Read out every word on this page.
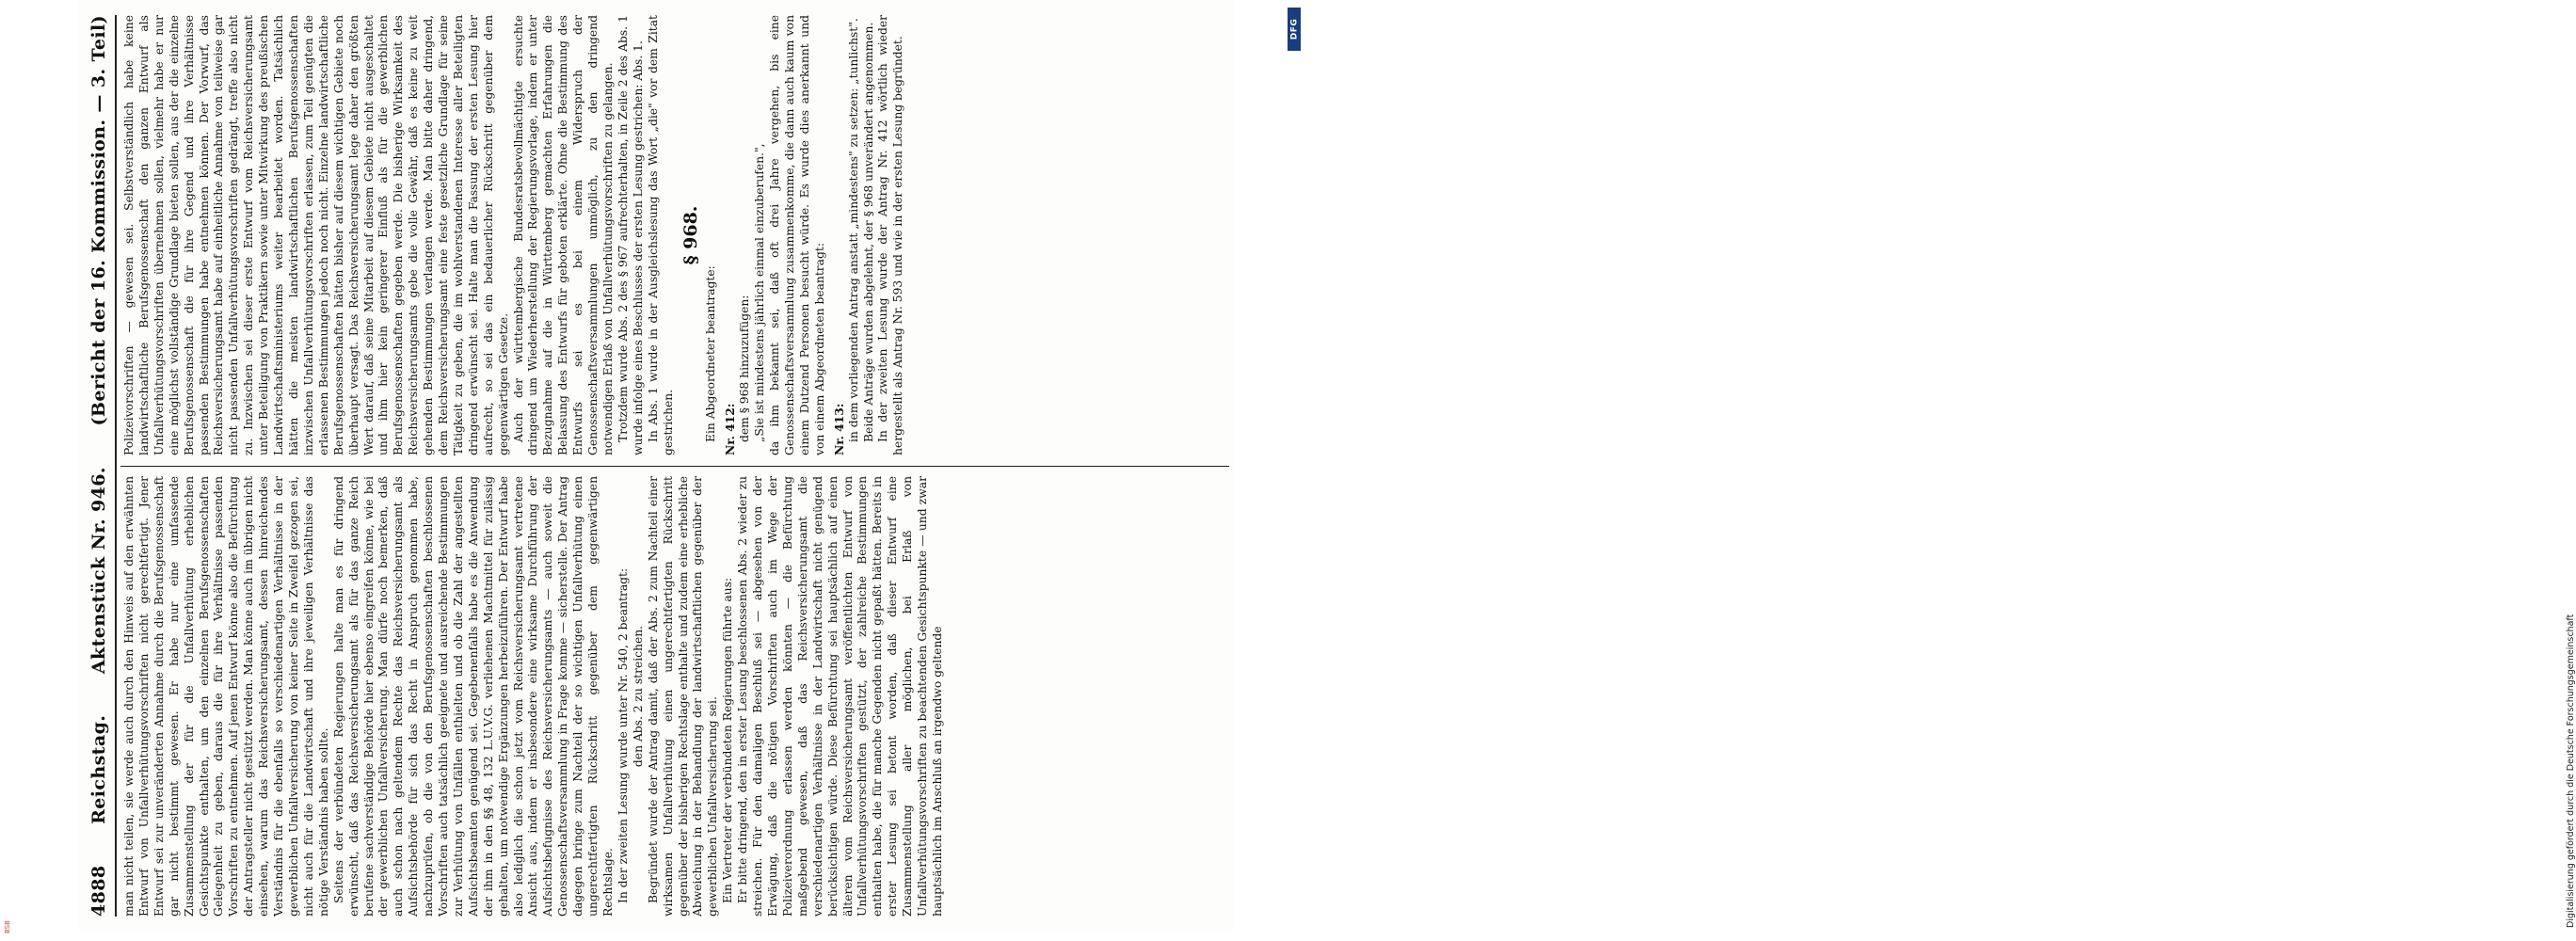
4888
Reichstag.
Aktenstück Nr. 946.
(Bericht der 16. Kommission. — 3. Teil)

man nicht teilen, sie werde auch durch den Hinweis auf den erwähnten Entwurf von Unfallverhütungsvorschriften nicht gerechtfertigt. Jener Entwurf sei zur unveränderten Annahme durch die Berufsgenossenschaft gar nicht bestimmt gewesen. Er habe nur eine umfassende Zusammenstellung der für die Unfallverhütung erheblichen Gesichtspunkte enthalten, um den einzelnen Berufsgenossenschaften Gelegenheit zu geben, daraus die für ihre Verhältnisse passenden Vorschriften zu entnehmen. Auf jenen Entwurf könne also die Befürchtung der Antragsteller nicht gestützt werden. Man könne auch im übrigen nicht einsehen, warum das Reichsversicherungsamt, dessen hinreichendes Verständnis für die ebenfalls so verschiedenartigen Verhältnisse in der gewerblichen Unfallversicherung von keiner Seite in Zweifel gezogen sei, nicht auch für die Landwirtschaft und ihre jeweiligen Verhältnisse das nötige Verständnis haben sollte. Seitens der verbündeten Regierungen halte man es für dringend erwünscht, daß das Reichsversicherungsamt als für das ganze Reich berufene sachverständige Behörde hier ebenso eingreifen könne, wie bei der gewerblichen Unfallversicherung. Man dürfe noch bemerken, daß auch schon nach geltendem Rechte das Reichsversicherungsamt als Aufsichtsbehörde für sich das Recht in Anspruch genommen habe, nachzuprüfen, ob die von den Berufsgenossenschaften beschlossenen Vorschriften auch tatsächlich geeignete und ausreichende Bestimmungen zur Verhütung von Unfällen enthielten und ob die Zahl der angestellten Aufsichtsbeamten genügend sei. Gegebenenfalls habe es die Anwendung der ihm in den §§ 48, 132 L.U.V.G. verliehenen Machtmittel für zulässig gehalten, um notwendige Ergänzungen herbeizuführen. Der Entwurf habe also lediglich die schon jetzt vom Reichsversicherungsamt vertretene Ansicht aus, indem er insbesondere eine wirksame Durchführung der Aufsichtsbefugnisse des Reichsversicherungsamts — auch soweit die Genossenschaftsversammlung in Frage komme — sicherstelle. Der Antrag dagegen bringe zum Nachteil der so wichtigen Unfallverhütung einen ungerechtfertigten Rückschritt gegenüber dem gegenwärtigen Rechtslage. In der zweiten Lesung wurde unter Nr. 540, 2 beantragt: den Abs. 2 zu streichen. Begründet wurde der Antrag damit, daß der Abs. 2 zum Nachteil einer wirksamen Unfallverhütung einen ungerechtfertigten Rückschritt gegenüber der bisherigen Rechtslage enthalte und zudem eine erhebliche Abweichung in der Behandlung der landwirtschaftlichen gegenüber der gewerblichen Unfallversicherung sei. Ein Vertreter der verbündeten Regierungen führte aus: Er bitte dringend, den in erster Lesung beschlossenen Abs. 2 wieder zu streichen. Für den damaligen Beschluß sei — abgesehen von der Erwägung, daß die nötigen Vorschriften auch im Wege der Polizeiverordnung erlassen werden könnten — die Befürchtung maßgebend gewesen, daß das Reichsversicherungsamt die verschiedenartigen Verhältnisse in der Landwirtschaft nicht genügend berücksichtigen würde. Diese Befürchtung sei hauptsächlich auf einen älteren vom Reichsversicherungsamt veröffentlichten Entwurf von Unfallverhütungsvorschriften gestützt, der zahlreiche Bestimmungen enthalten habe, die für manche Gegenden nicht gepaßt hätten. Bereits in erster Lesung sei betont worden, daß dieser Entwurf eine Zusammenstellung aller möglichen, bei Erlaß von Unfallverhütungsvorschriften zu beachtenden Gesichtspunkte — und zwar hauptsächlich im Anschluß an irgendwo geltende

Polizeivorschriften — gewesen sei. Selbstverständlich habe keine landwirtschaftliche Berufsgenossenschaft den ganzen Entwurf als Unfallverhütungsvorschriften übernehmen sollen, vielmehr habe er nur eine möglichst vollständige Grundlage bieten sollen, aus der die einzelne Berufsgenossenschaft die für ihre Gegend und ihre Verhältnisse passenden Bestimmungen habe entnehmen können. Der Vorwurf, das Reichsversicherungsamt habe auf einheitliche Annahme von teilweise gar nicht passenden Unfallverhütungsvorschriften gedrängt, treffe also nicht zu. Inzwischen sei dieser erste Entwurf vom Reichsversicherungsamt unter Beteiligung von Praktikern sowie unter Mitwirkung des preußischen Landwirtschaftsministeriums weiter bearbeitet worden. Tatsächlich hätten die meisten landwirtschaftlichen Berufsgenossenschaften inzwischen Unfallverhütungsvorschriften erlassen, zum Teil genügten die erlassenen Bestimmungen jedoch noch nicht. Einzelne landwirtschaftliche Berufsgenossenschaften hätten bisher auf diesem wichtigen Gebiete noch überhaupt versagt. Das Reichsversicherungsamt lege daher den größten Wert darauf, daß seine Mitarbeit auf diesem Gebiete nicht ausgeschaltet und ihm hier kein geringerer Einfluß als für die gewerblichen Berufsgenossenschaften gegeben werde. Die bisherige Wirksamkeit des Reichsversicherungsamts gebe die volle Gewähr, daß es keine zu weit gehenden Bestimmungen verlangen werde. Man bitte daher dringend, dem Reichsversicherungsamt eine feste gesetzliche Grundlage für seine Tätigkeit zu geben, die im wohlverstandenen Interesse aller Beteiligten dringend erwünscht sei. Halte man die Fassung der ersten Lesung hier aufrecht, so sei das ein bedauerlicher Rückschritt gegenüber dem gegenwärtigen Gesetze. Auch der württembergische Bundesratsbevollmächtigte ersuchte dringend um Wiederherstellung der Regierungsvorlage, indem er unter Bezugnahme auf die in Württemberg gemachten Erfahrungen die Belassung des Entwurfs für geboten erklärte. Ohne die Bestimmung des Entwurfs sei es bei einem Widerspruch der Genossenschaftsversammlungen unmöglich, zu den dringend notwendigen Erlaß von Unfallverhütungsvorschriften zu gelangen. Trotzdem wurde Abs. 2 des § 967 aufrechterhalten, in Zeile 2 des Abs. 1 wurde infolge eines Beschlusses der ersten Lesung gestrichen: Abs. 1. In Abs. 1 wurde in der Ausgleichslesung das Wort „die" vor dem Zitat gestrichen.

§ 968.

Ein Abgeordneter beantragte: Nr. 412: dem § 968 hinzuzufügen: „Sie ist mindestens jährlich einmal einzuberufen.", da ihm bekannt sei, daß oft drei Jahre vergehen, bis eine Genossenschaftsversammlung zusammenkomme, die dann auch kaum von einem Dutzend Personen besucht würde. Es wurde dies anerkannt und von einem Abgeordneten beantragt: Nr. 413: in dem vorliegenden Antrag anstatt „mindestens" zu setzen: „tunlichst". Beide Anträge wurden abgelehnt, der § 968 unverändert angenommen. In der zweiten Lesung wurde der Antrag Nr. 412 wörtlich wieder hergestellt als Antrag Nr. 593 und wie in der ersten Lesung begründet.

DFG
Digitalisierung gefördert durch die Deutsche Forschungsgemeinschaft
BSB
